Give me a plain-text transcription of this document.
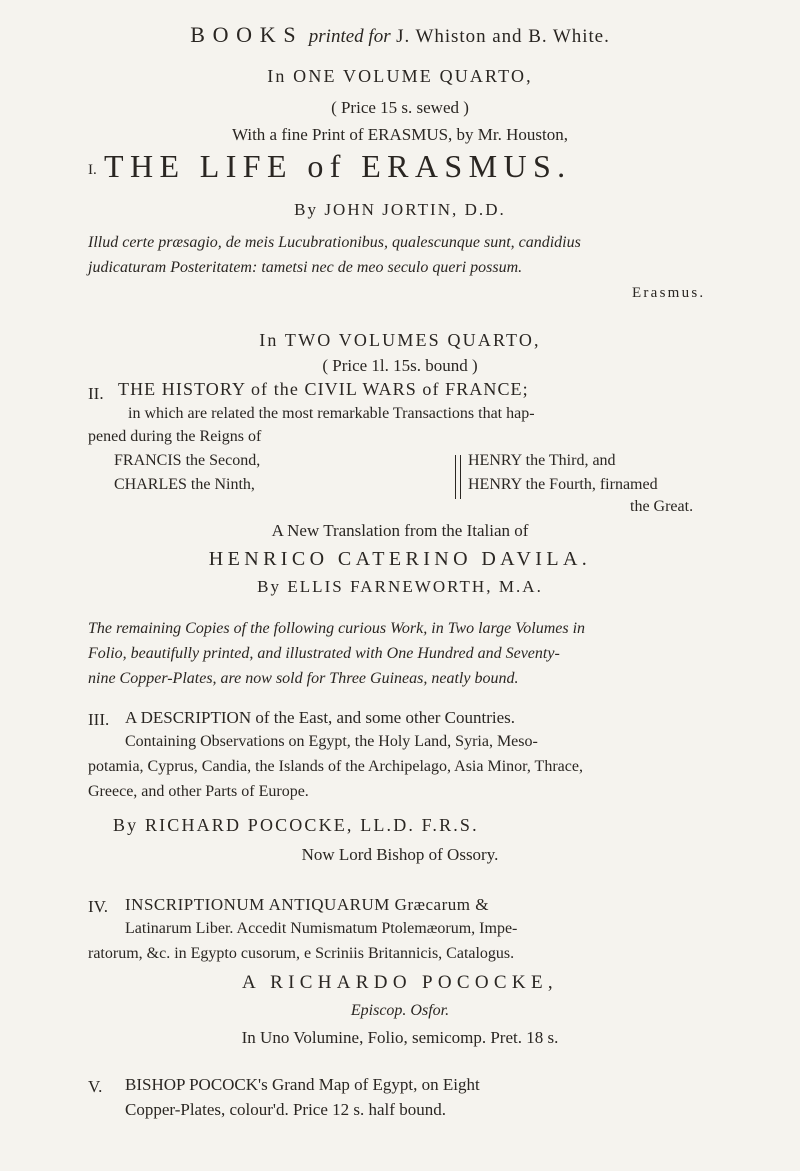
BOOKS printed for J. Whiston and B. White.
In ONE VOLUME QUARTO,
( Price 15 s. sewed )
With a fine Print of ERASMUS, by Mr. Houston,
I. THE LIFE of ERASMUS.
By JOHN JORTIN, D.D.
Illud certe præsagio, de meis Lucubrationibus, qualescunque sunt, candidius
judicaturam Posteritatem: tametsi nec de meo seculo queri possum.
Erasmus.
In TWO VOLUMES QUARTO,
( Price 1l. 15s. bound )
II. THE HISTORY of the CIVIL WARS of FRANCE;
in which are related the most remarkable Transactions that hap-
pened during the Reigns of
FRANCIS the Second,
CHARLES the Ninth,
HENRY the Third, and
HENRY the Fourth, firnamed
the Great.
A New Translation from the Italian of
HENRICO CATERINO DAVILA.
By ELLIS FARNEWORTH, M.A.
The remaining Copies of the following curious Work, in Two large Volumes in
Folio, beautifully printed, and illustrated with One Hundred and Seventy-
nine Copper-Plates, are now sold for Three Guineas, neatly bound.
III. A DESCRIPTION of the East, and some other Countries.
Containing Observations on Egypt, the Holy Land, Syria, Meso-
potamia, Cyprus, Candia, the Islands of the Archipelago, Asia Minor, Thrace,
Greece, and other Parts of Europe.
By RICHARD POCOCKE, LL.D. F.R.S.
Now Lord Bishop of Ossory.
IV. INSCRIPTIONUM ANTIQUARUM Græcarum &
Latinarum Liber. Accedit Numismatum Ptolemæorum, Impe-
ratorum, &c. in Egypto cusorum, e Scriniis Britannicis, Catalogus.
A RICHARDO POCOCKE,
Episcop. Osfor.
In Uno Volumine, Folio, semicomp. Pret. 18 s.
V. BISHOP POCOCK's Grand Map of Egypt, on Eight
Copper-Plates, colour'd. Price 12 s. half bound.
